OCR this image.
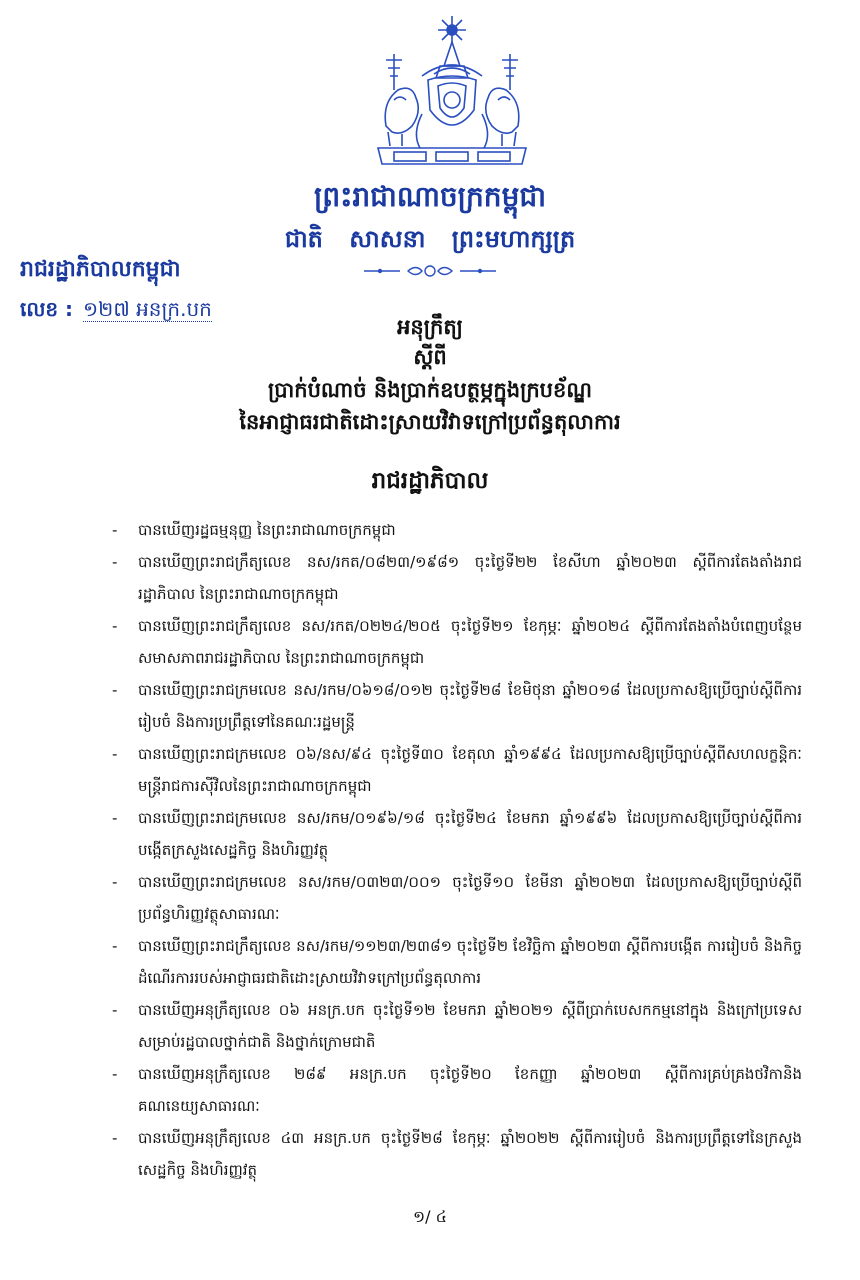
ព្រះរាជាណាចក្រកម្ពុជា
ជាតិ សាសនា ព្រះមហាក្សត្រ
រាជរដ្ឋាភិបាលកម្ពុជា
លេខ : ១២៧ អនក្រ.បក
អនុក្រឹត្យ
ស្តីពី
ប្រាក់បំណាច់ និងប្រាក់ឧបត្ថម្ភក្នុងក្របខ័ណ្ឌ
នៃអាជ្ញាធរជាតិដោះស្រាយវិវាទក្រៅប្រព័ន្ធតុលាការ
រាជរដ្ឋាភិបាល
- បានឃើញរដ្ឋធម្មនុញ្ញ នៃព្រះរាជាណាចក្រកម្ពុជា
- បានឃើញព្រះរាជក្រឹត្យលេខ នស/រកត/០៨២៣/១៩៨១ ចុះថ្ងៃទី២២ ខែសីហា ឆ្នាំ២០២៣ ស្តីពីការតែងតាំងរាជរដ្ឋាភិបាល នៃព្រះរាជាណាចក្រកម្ពុជា
- បានឃើញព្រះរាជក្រឹត្យលេខ នស/រកត/០២២៤/២០៥ ចុះថ្ងៃទី២១ ខែកុម្ភៈ ឆ្នាំ២០២៤ ស្តីពីការតែងតាំងបំពេញបន្ថែមសមាសភាពរាជរដ្ឋាភិបាល នៃព្រះរាជាណាចក្រកម្ពុជា
- បានឃើញព្រះរាជក្រមលេខ នស/រកម/០៦១៨/០១២ ចុះថ្ងៃទី២៨ ខែមិថុនា ឆ្នាំ២០១៨ ដែលប្រកាសឱ្យប្រើច្បាប់ស្តីពីការរៀបចំ និងការប្រព្រឹត្តទៅនៃគណៈរដ្ឋមន្ត្រី
- បានឃើញព្រះរាជក្រមលេខ ០៦/នស/៩៤ ចុះថ្ងៃទី៣០ ខែតុលា ឆ្នាំ១៩៩៤ ដែលប្រកាសឱ្យប្រើច្បាប់ស្តីពីសហលក្ខន្តិកៈមន្ត្រីរាជការស៊ីវិលនៃព្រះរាជាណាចក្រកម្ពុជា
- បានឃើញព្រះរាជក្រមលេខ នស/រកម/០១៩៦/១៨ ចុះថ្ងៃទី២៤ ខែមករា ឆ្នាំ១៩៩៦ ដែលប្រកាសឱ្យប្រើច្បាប់ស្តីពីការបង្កើតក្រសួងសេដ្ឋកិច្ច និងហិរញ្ញវត្ថុ
- បានឃើញព្រះរាជក្រមលេខ នស/រកម/០៣២៣/០០១ ចុះថ្ងៃទី១០ ខែមីនា ឆ្នាំ២០២៣ ដែលប្រកាសឱ្យប្រើច្បាប់ស្តីពីប្រព័ន្ធហិរញ្ញវត្ថុសាធារណៈ
- បានឃើញព្រះរាជក្រឹត្យលេខ នស/រកម/១១២៣/២៣៨១ ចុះថ្ងៃទី២ ខែវិច្ឆិកា ឆ្នាំ២០២៣ ស្តីពីការបង្កើត ការរៀបចំ និងកិច្ចដំណើរការរបស់អាជ្ញាធរជាតិដោះស្រាយវិវាទក្រៅប្រព័ន្ធតុលាការ
- បានឃើញអនុក្រឹត្យលេខ ០៦ អនក្រ.បក ចុះថ្ងៃទី១២ ខែមករា ឆ្នាំ២០២១ ស្តីពីប្រាក់បេសកកម្មនៅក្នុង និងក្រៅប្រទេសសម្រាប់រដ្ឋបាលថ្នាក់ជាតិ និងថ្នាក់ក្រោមជាតិ
- បានឃើញអនុក្រឹត្យលេខ ២៨៩ អនក្រ.បក ចុះថ្ងៃទី២០ ខែកញ្ញា ឆ្នាំ២០២៣ ស្តីពីការគ្រប់គ្រងថវិកានិងគណនេយ្យសាធារណៈ
- បានឃើញអនុក្រឹត្យលេខ ៤៣ អនក្រ.បក ចុះថ្ងៃទី២៨ ខែកុម្ភៈ ឆ្នាំ២០២២ ស្តីពីការរៀបចំ និងការប្រព្រឹត្តទៅនៃក្រសួងសេដ្ឋកិច្ច និងហិរញ្ញវត្ថុ
១/ ៤
